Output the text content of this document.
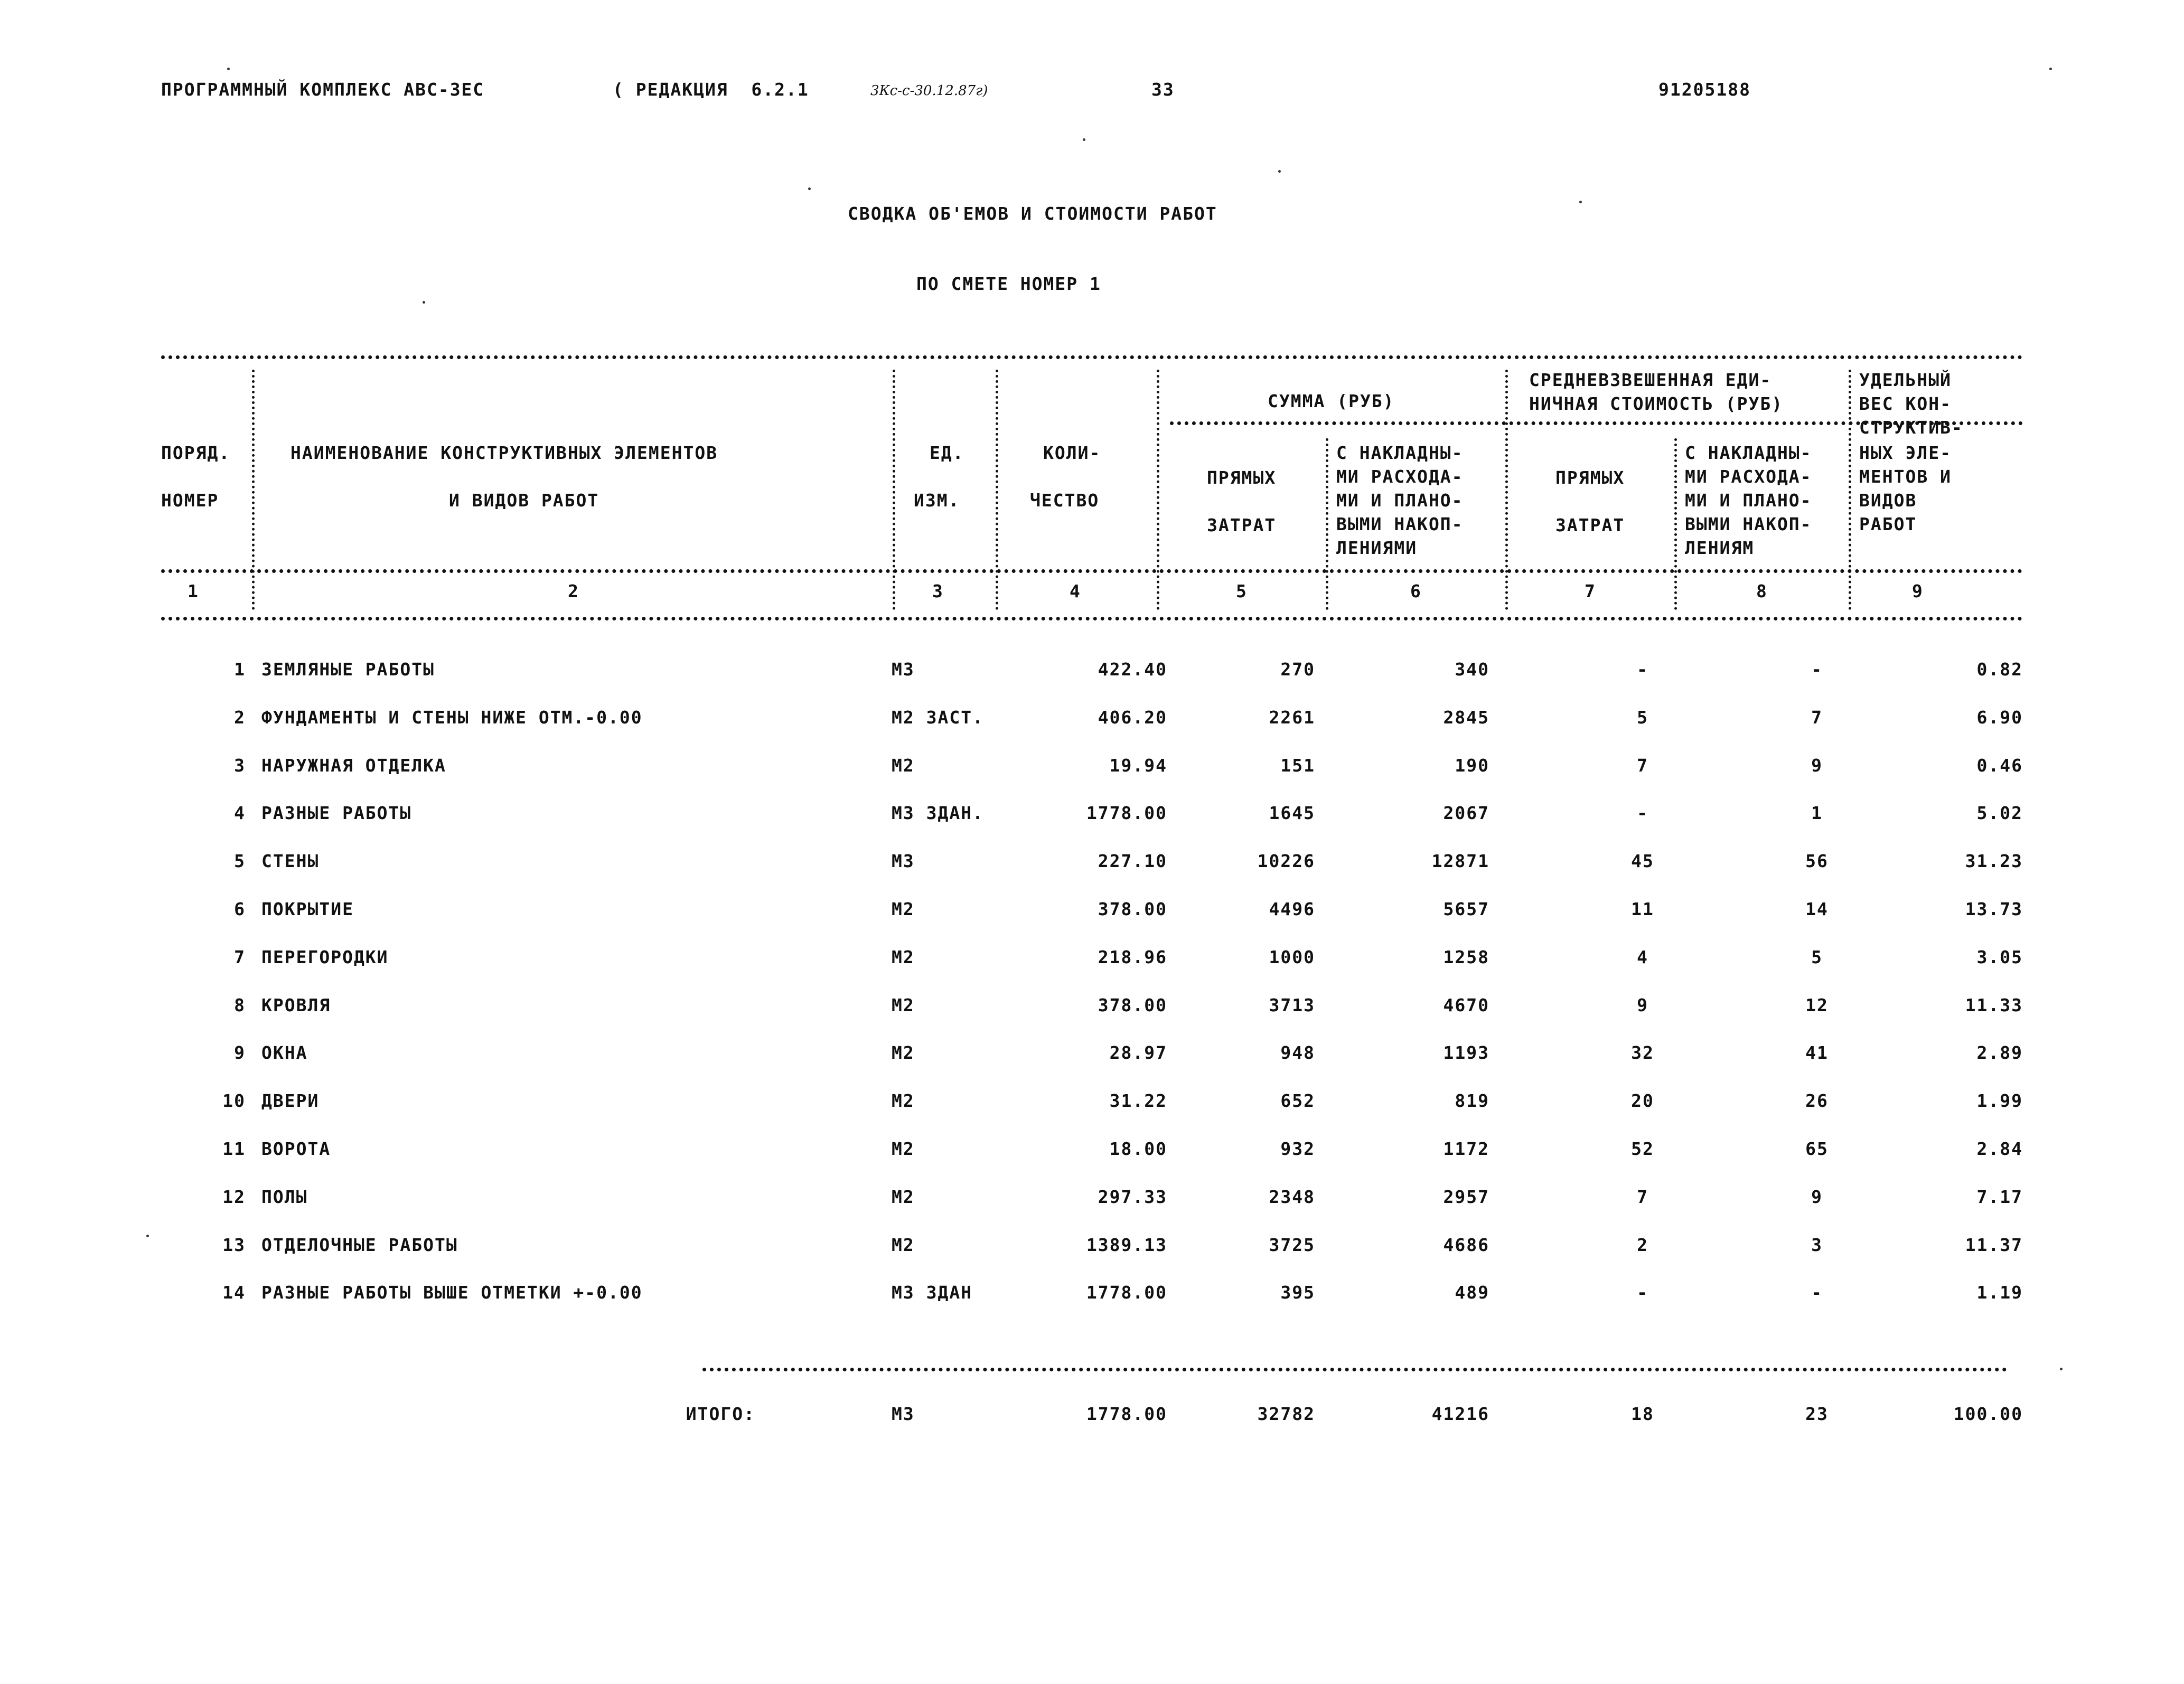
ПРОГРАММНЫЙ КОМПЛЕКС АВС-3ЕС	( РЕДАКЦИЯ  6.2.1	3Кс-с-30.12.87г)	33	91205188
СВОДКА ОБ'ЕМОВ И СТОИМОСТИ РАБОТ
ПО СМЕТЕ НОМЕР 1
ПОРЯД.
НОМЕР
НАИМЕНОВАНИЕ КОНСТРУКТИВНЫХ ЭЛЕМЕНТОВ
И ВИДОВ РАБОТ
ЕД.
ИЗМ.
КОЛИ-
ЧЕСТВО
СУММА (РУБ)
ПРЯМЫХ
ЗАТРАТ
С НАКЛАДНЫ-
МИ РАСХОДА-
МИ И ПЛАНО-
ВЫМИ НАКОП-
ЛЕНИЯМИ
СРЕДНЕВЗВЕШЕННАЯ ЕДИ-
НИЧНАЯ СТОИМОСТЬ (РУБ)
ПРЯМЫХ
ЗАТРАТ
С НАКЛАДНЫ-
МИ РАСХОДА-
МИ И ПЛАНО-
ВЫМИ НАКОП-
ЛЕНИЯМ
УДЕЛЬНЫЙ
ВЕС КОН-
СТРУКТИВ-
НЫХ ЭЛЕ-
МЕНТОВ И
ВИДОВ
РАБОТ
1	2	3	4	5	6	7	8	9
1 ЗЕМЛЯНЫЕ РАБОТЫ	М3	422.40	270	340	-	-	0.82
2 ФУНДАМЕНТЫ И СТЕНЫ НИЖЕ ОТМ.-0.00	М2 ЗАСТ.	406.20	2261	2845	5	7	6.90
3 НАРУЖНАЯ ОТДЕЛКА	М2	19.94	151	190	7	9	0.46
4 РАЗНЫЕ РАБОТЫ	М3 ЗДАН.	1778.00	1645	2067	-	1	5.02
5 СТЕНЫ	М3	227.10	10226	12871	45	56	31.23
6 ПОКРЫТИЕ	М2	378.00	4496	5657	11	14	13.73
7 ПЕРЕГОРОДКИ	М2	218.96	1000	1258	4	5	3.05
8 КРОВЛЯ	М2	378.00	3713	4670	9	12	11.33
9 ОКНА	М2	28.97	948	1193	32	41	2.89
10 ДВЕРИ	М2	31.22	652	819	20	26	1.99
11 ВОРОТА	М2	18.00	932	1172	52	65	2.84
12 ПОЛЫ	М2	297.33	2348	2957	7	9	7.17
13 ОТДЕЛОЧНЫЕ РАБОТЫ	М2	1389.13	3725	4686	2	3	11.37
14 РАЗНЫЕ РАБОТЫ ВЫШЕ ОТМЕТКИ +-0.00	М3 ЗДАН	1778.00	395	489	-	-	1.19
ИТОГО:	М3	1778.00	32782	41216	18	23	100.00
